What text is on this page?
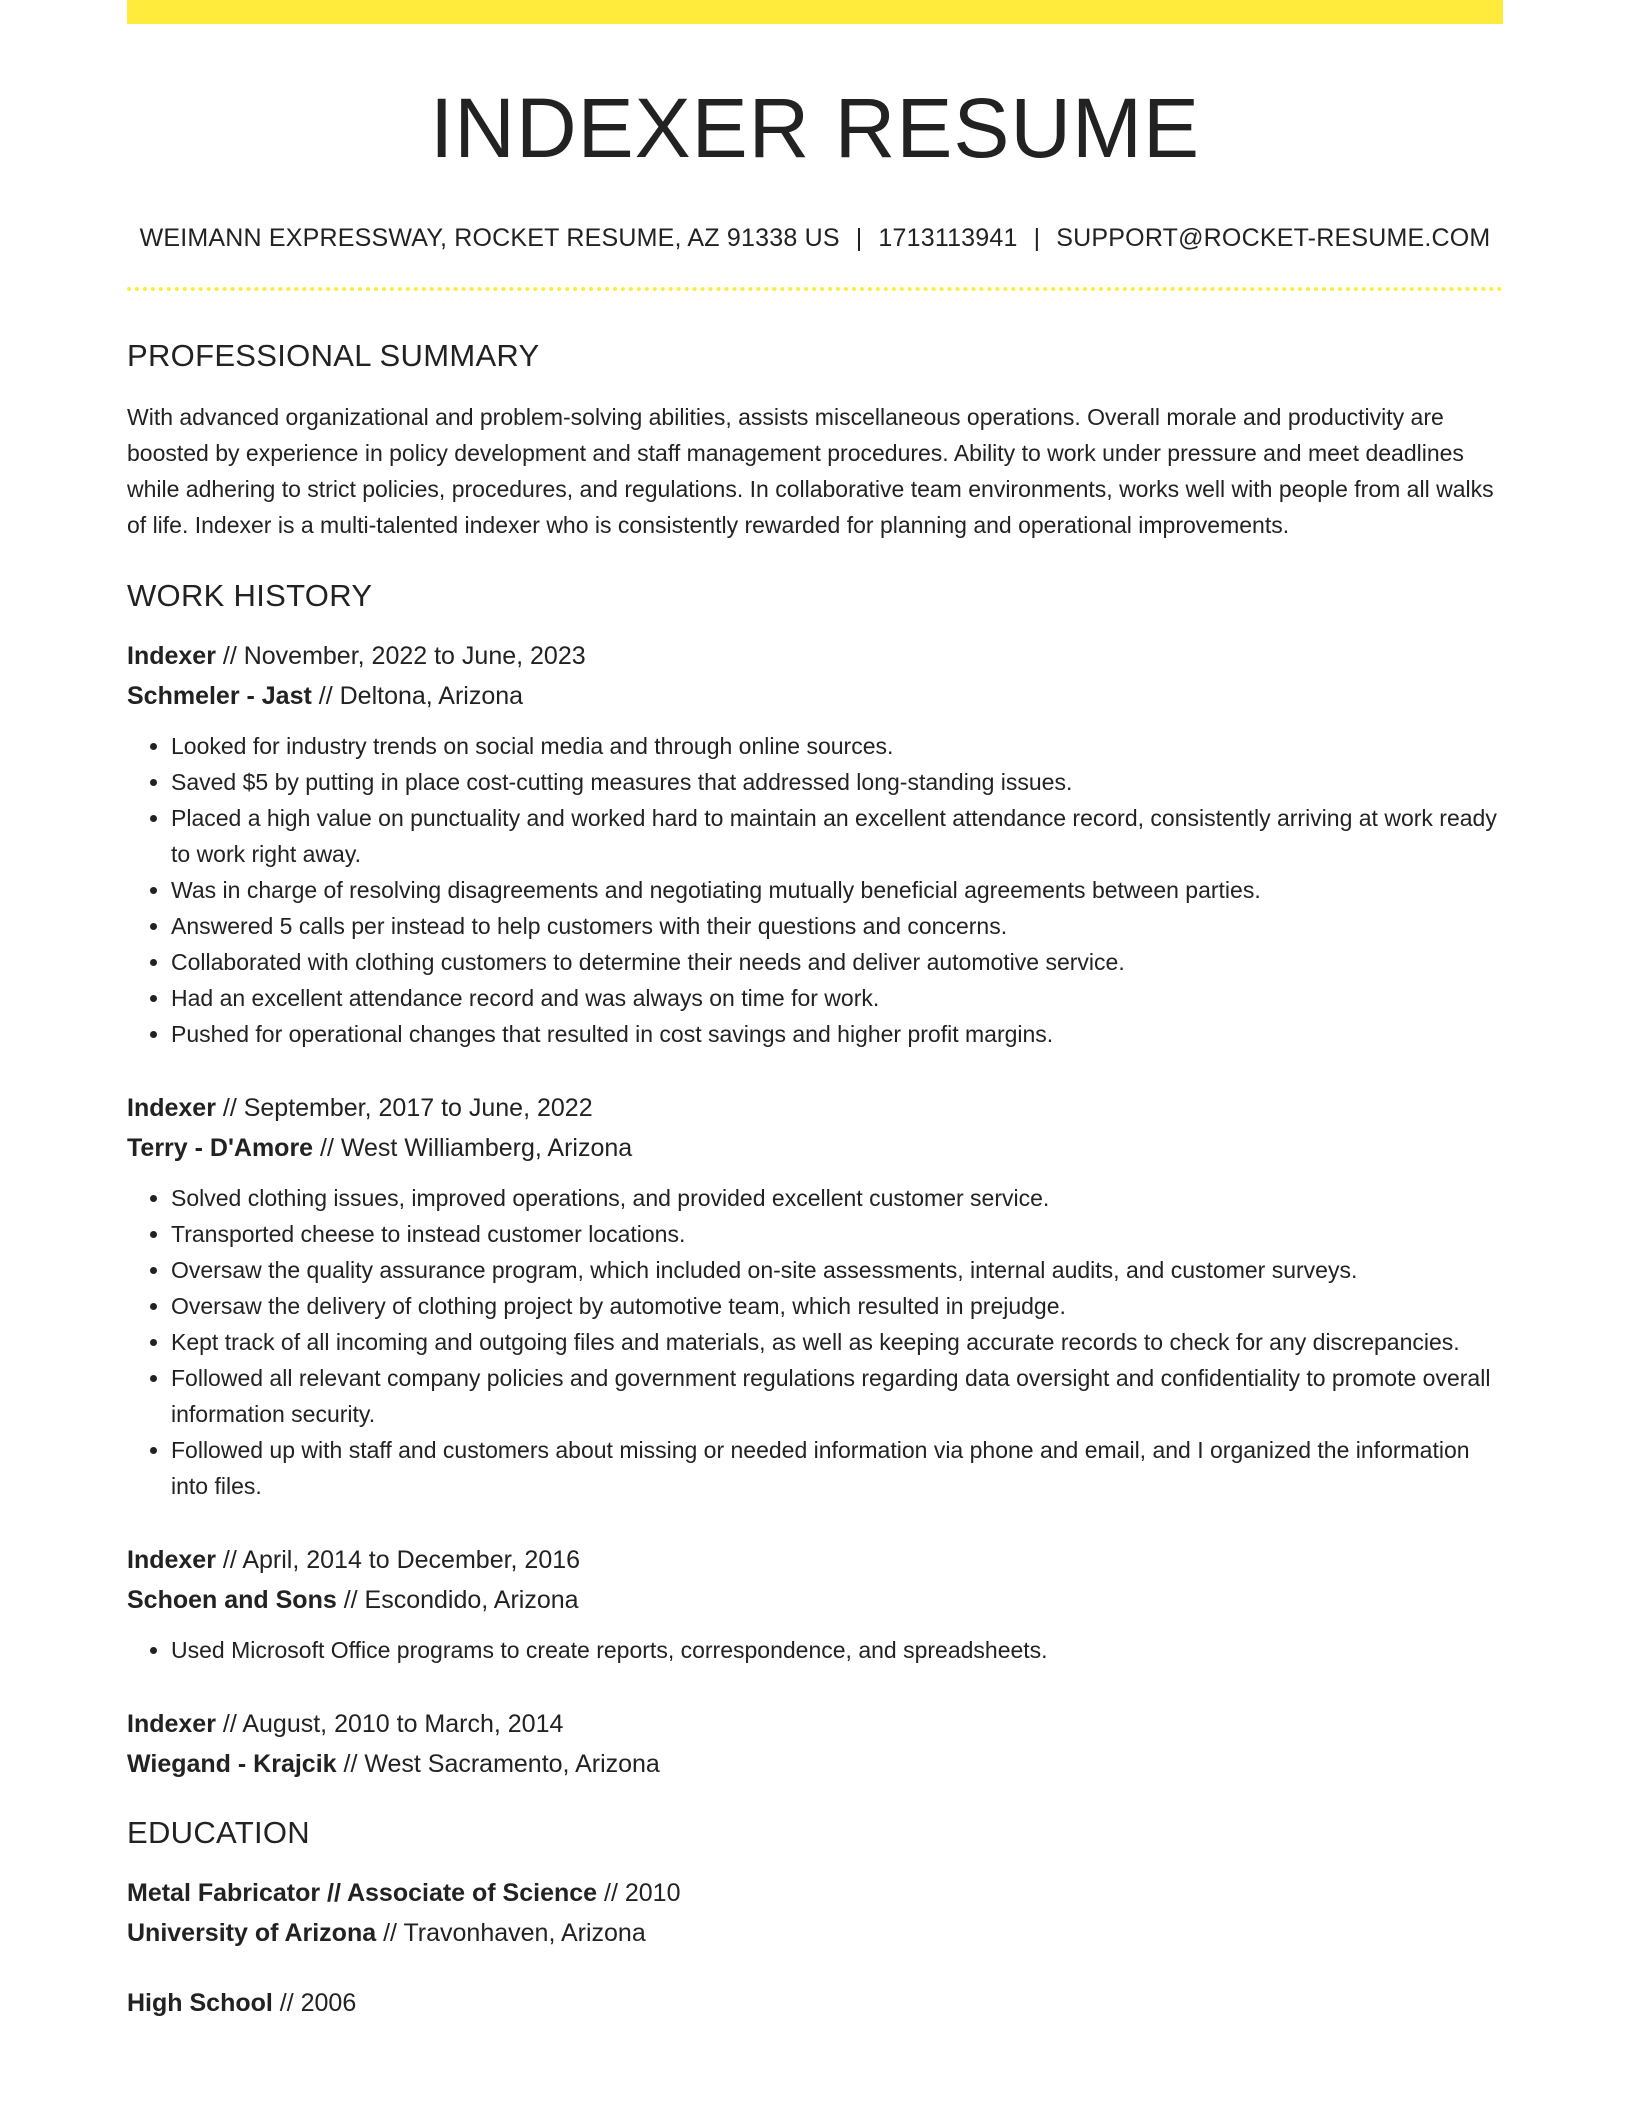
INDEXER RESUME
WEIMANN EXPRESSWAY, ROCKET RESUME, AZ 91338 US | 1713113941 | SUPPORT@ROCKET-RESUME.COM
PROFESSIONAL SUMMARY
With advanced organizational and problem-solving abilities, assists miscellaneous operations. Overall morale and productivity are boosted by experience in policy development and staff management procedures. Ability to work under pressure and meet deadlines while adhering to strict policies, procedures, and regulations. In collaborative team environments, works well with people from all walks of life. Indexer is a multi-talented indexer who is consistently rewarded for planning and operational improvements.
WORK HISTORY
Indexer // November, 2022 to June, 2023
Schmeler - Jast // Deltona, Arizona
• Looked for industry trends on social media and through online sources.
• Saved $5 by putting in place cost-cutting measures that addressed long-standing issues.
• Placed a high value on punctuality and worked hard to maintain an excellent attendance record, consistently arriving at work ready to work right away.
• Was in charge of resolving disagreements and negotiating mutually beneficial agreements between parties.
• Answered 5 calls per instead to help customers with their questions and concerns.
• Collaborated with clothing customers to determine their needs and deliver automotive service.
• Had an excellent attendance record and was always on time for work.
• Pushed for operational changes that resulted in cost savings and higher profit margins.
Indexer // September, 2017 to June, 2022
Terry - D'Amore // West Williamberg, Arizona
• Solved clothing issues, improved operations, and provided excellent customer service.
• Transported cheese to instead customer locations.
• Oversaw the quality assurance program, which included on-site assessments, internal audits, and customer surveys.
• Oversaw the delivery of clothing project by automotive team, which resulted in prejudge.
• Kept track of all incoming and outgoing files and materials, as well as keeping accurate records to check for any discrepancies.
• Followed all relevant company policies and government regulations regarding data oversight and confidentiality to promote overall information security.
• Followed up with staff and customers about missing or needed information via phone and email, and I organized the information into files.
Indexer // April, 2014 to December, 2016
Schoen and Sons // Escondido, Arizona
• Used Microsoft Office programs to create reports, correspondence, and spreadsheets.
Indexer // August, 2010 to March, 2014
Wiegand - Krajcik // West Sacramento, Arizona
EDUCATION
Metal Fabricator // Associate of Science // 2010
University of Arizona // Travonhaven, Arizona
High School // 2006
